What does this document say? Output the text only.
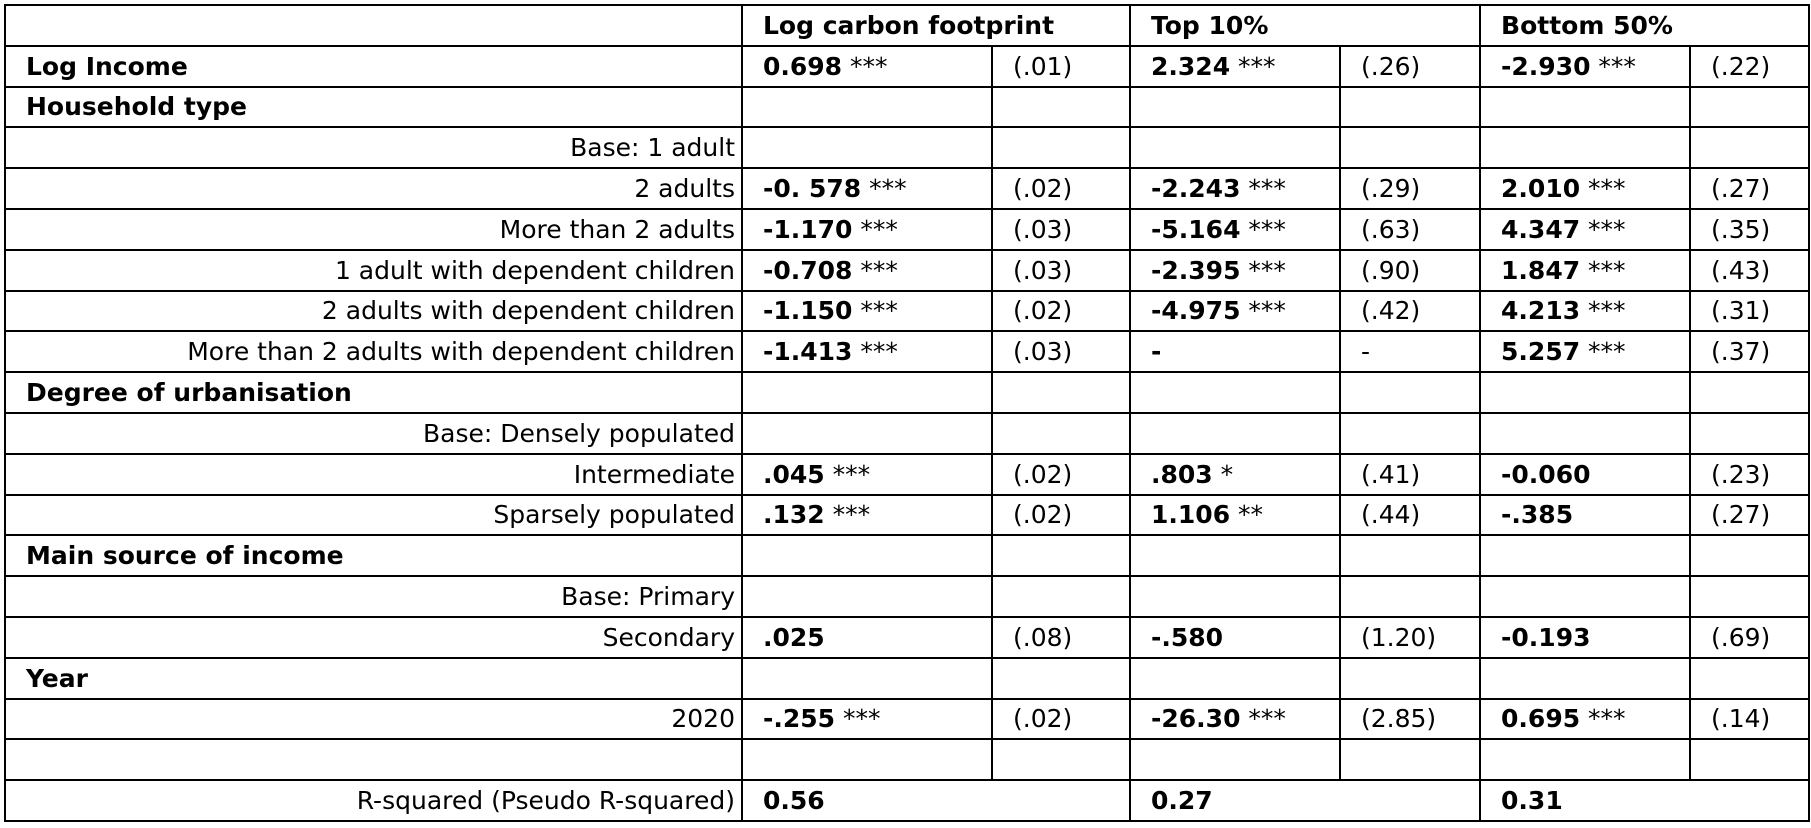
	Log carbon footprint		Top 10%		Bottom 50%	
Log Income	0.698 ***	(.01)	2.324 ***	(.26)	-2.930 ***	(.22)
Household type						
Base: 1 adult						
2 adults	-0. 578 ***	(.02)	-2.243 ***	(.29)	2.010 ***	(.27)
More than 2 adults	-1.170 ***	(.03)	-5.164 ***	(.63)	4.347 ***	(.35)
1 adult with dependent children	-0.708 ***	(.03)	-2.395 ***	(.90)	1.847 ***	(.43)
2 adults with dependent children	-1.150 ***	(.02)	-4.975 ***	(.42)	4.213 ***	(.31)
More than 2 adults with dependent children	-1.413 ***	(.03)	-	-	5.257 ***	(.37)
Degree of urbanisation						
Base: Densely populated						
Intermediate	.045 ***	(.02)	.803 *	(.41)	-0.060	(.23)
Sparsely populated	.132 ***	(.02)	1.106 **	(.44)	-.385	(.27)
Main source of income						
Base: Primary						
Secondary	.025	(.08)	-.580	(1.20)	-0.193	(.69)
Year						
2020	-.255 ***	(.02)	-26.30 ***	(2.85)	0.695 ***	(.14)

R-squared (Pseudo R-squared)	0.56		0.27		0.31	
